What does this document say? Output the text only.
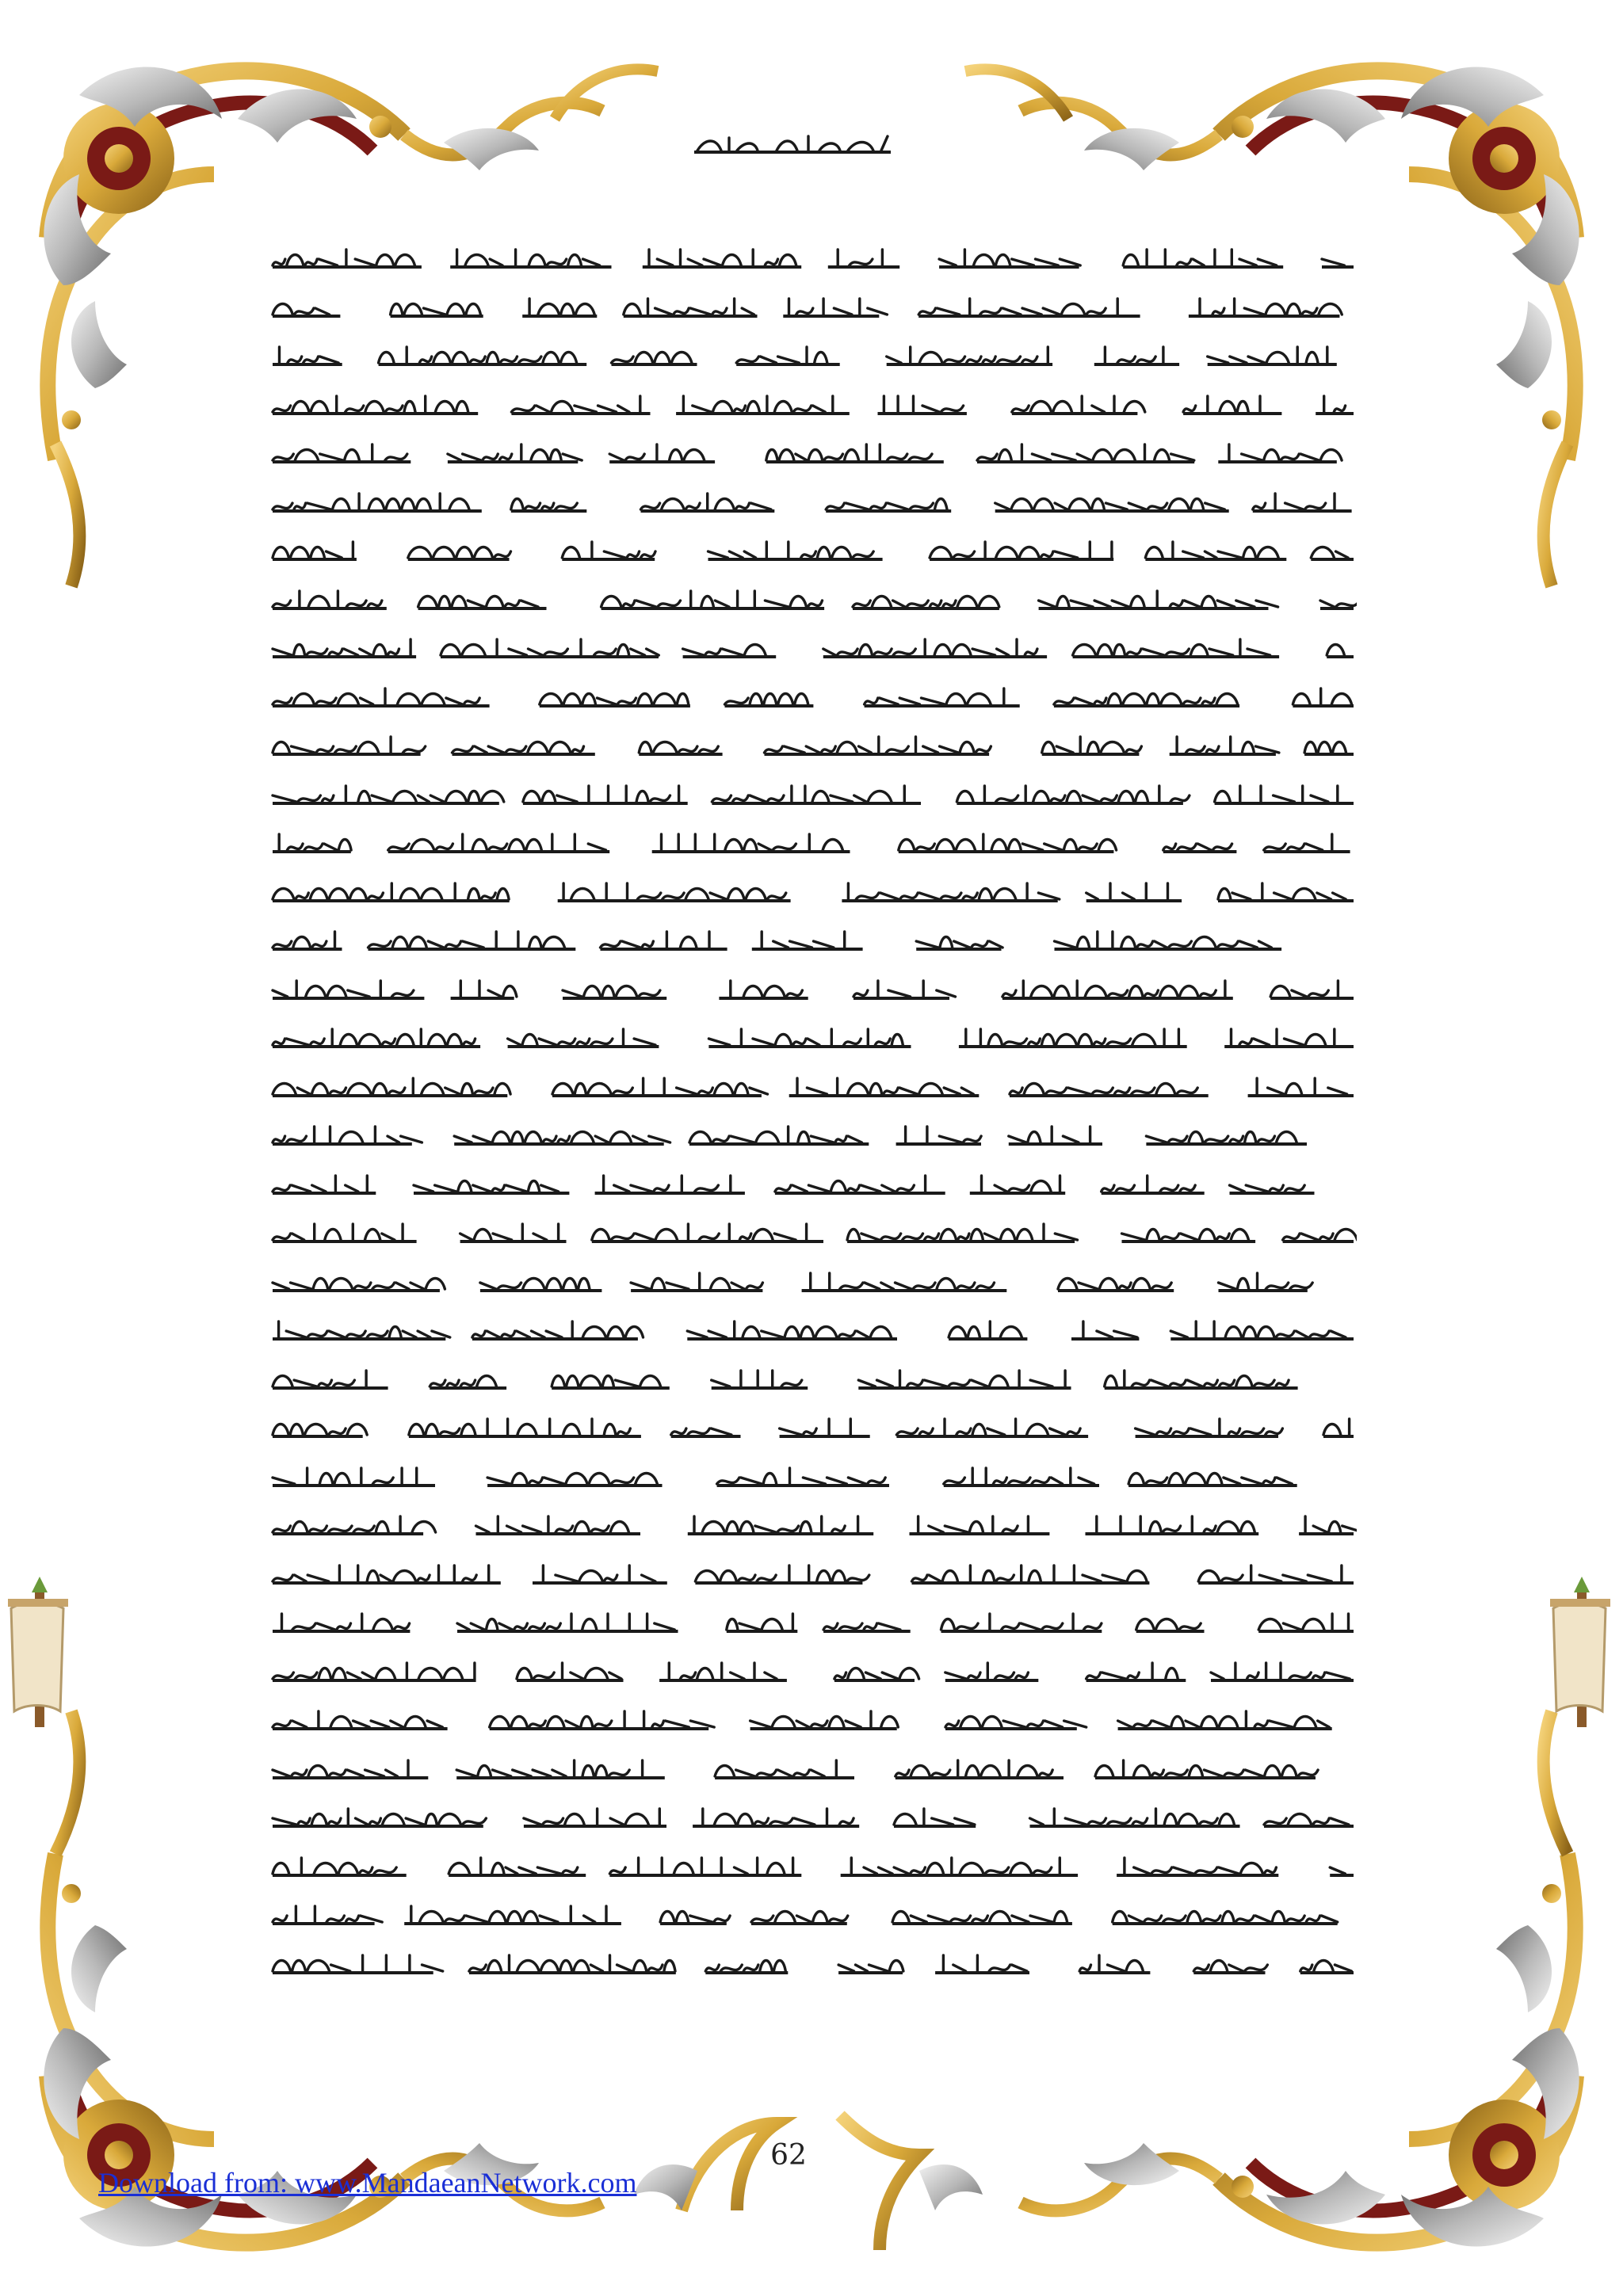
62
Download from: www.MandaeanNetwork.com
